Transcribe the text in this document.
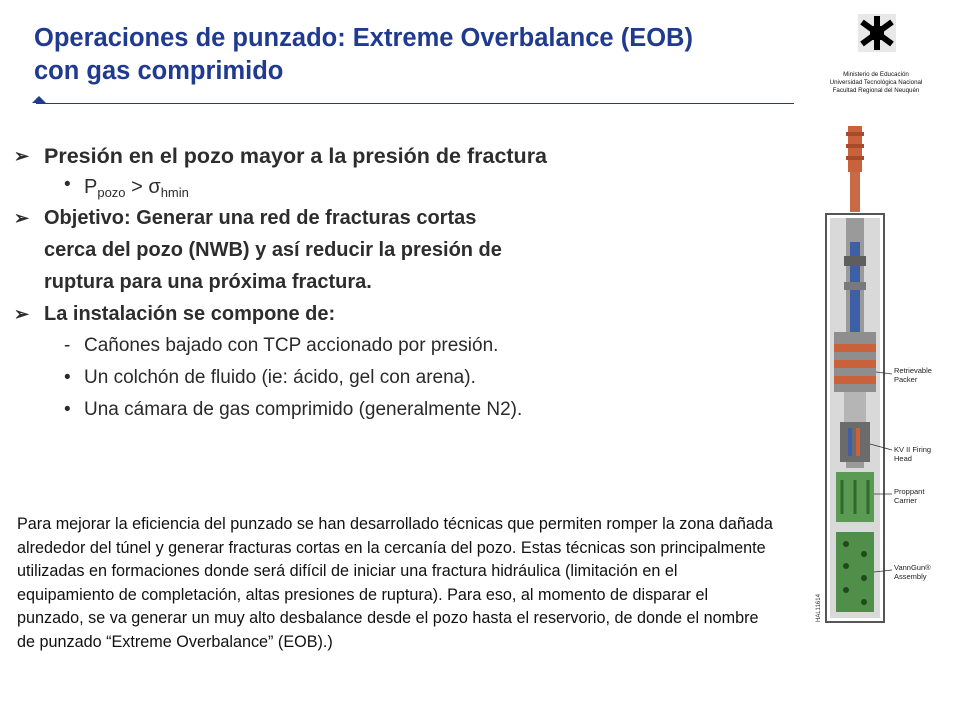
Operaciones de punzado: Extreme Overbalance (EOB)
con gas comprimido	Ministerio de Educación
Universidad Tecnológica Nacional
Facultad Regional del Neuquén
➢ Presión en el pozo mayor a la presión de fractura
• $P_{pozo} > \sigma_{hmin}$
➢ Objetivo: Generar una red de fracturas cortas
cerca del pozo (NWB) y así reducir la presión de
ruptura para una próxima fractura.
➢ La instalación se compone de:
- Cañones bajado con TCP accionado por presión.
• Un colchón de fluido (ie: ácido, gel con arena).
• Una cámara de gas comprimido (generalmente N2).

Para mejorar la eficiencia del punzado se han desarrollado técnicas que permiten romper la zona dañada alrededor del túnel y generar fracturas cortas en la cercanía del pozo. Estas técnicas son principalmente utilizadas en formaciones donde será difícil de iniciar una fractura hidráulica (limitación en el equipamiento de completación, altas presiones de ruptura). Para eso, al momento de disparar el punzado, se va generar un muy alto desbalance desde el pozo hasta el reservorio, de donde el nombre de punzado “Extreme Overbalance” (EOB).)

Retrievable
Packer
KV II Firing
Head
Proppant
Carrier
VannGun®
Assembly
HAL11614
